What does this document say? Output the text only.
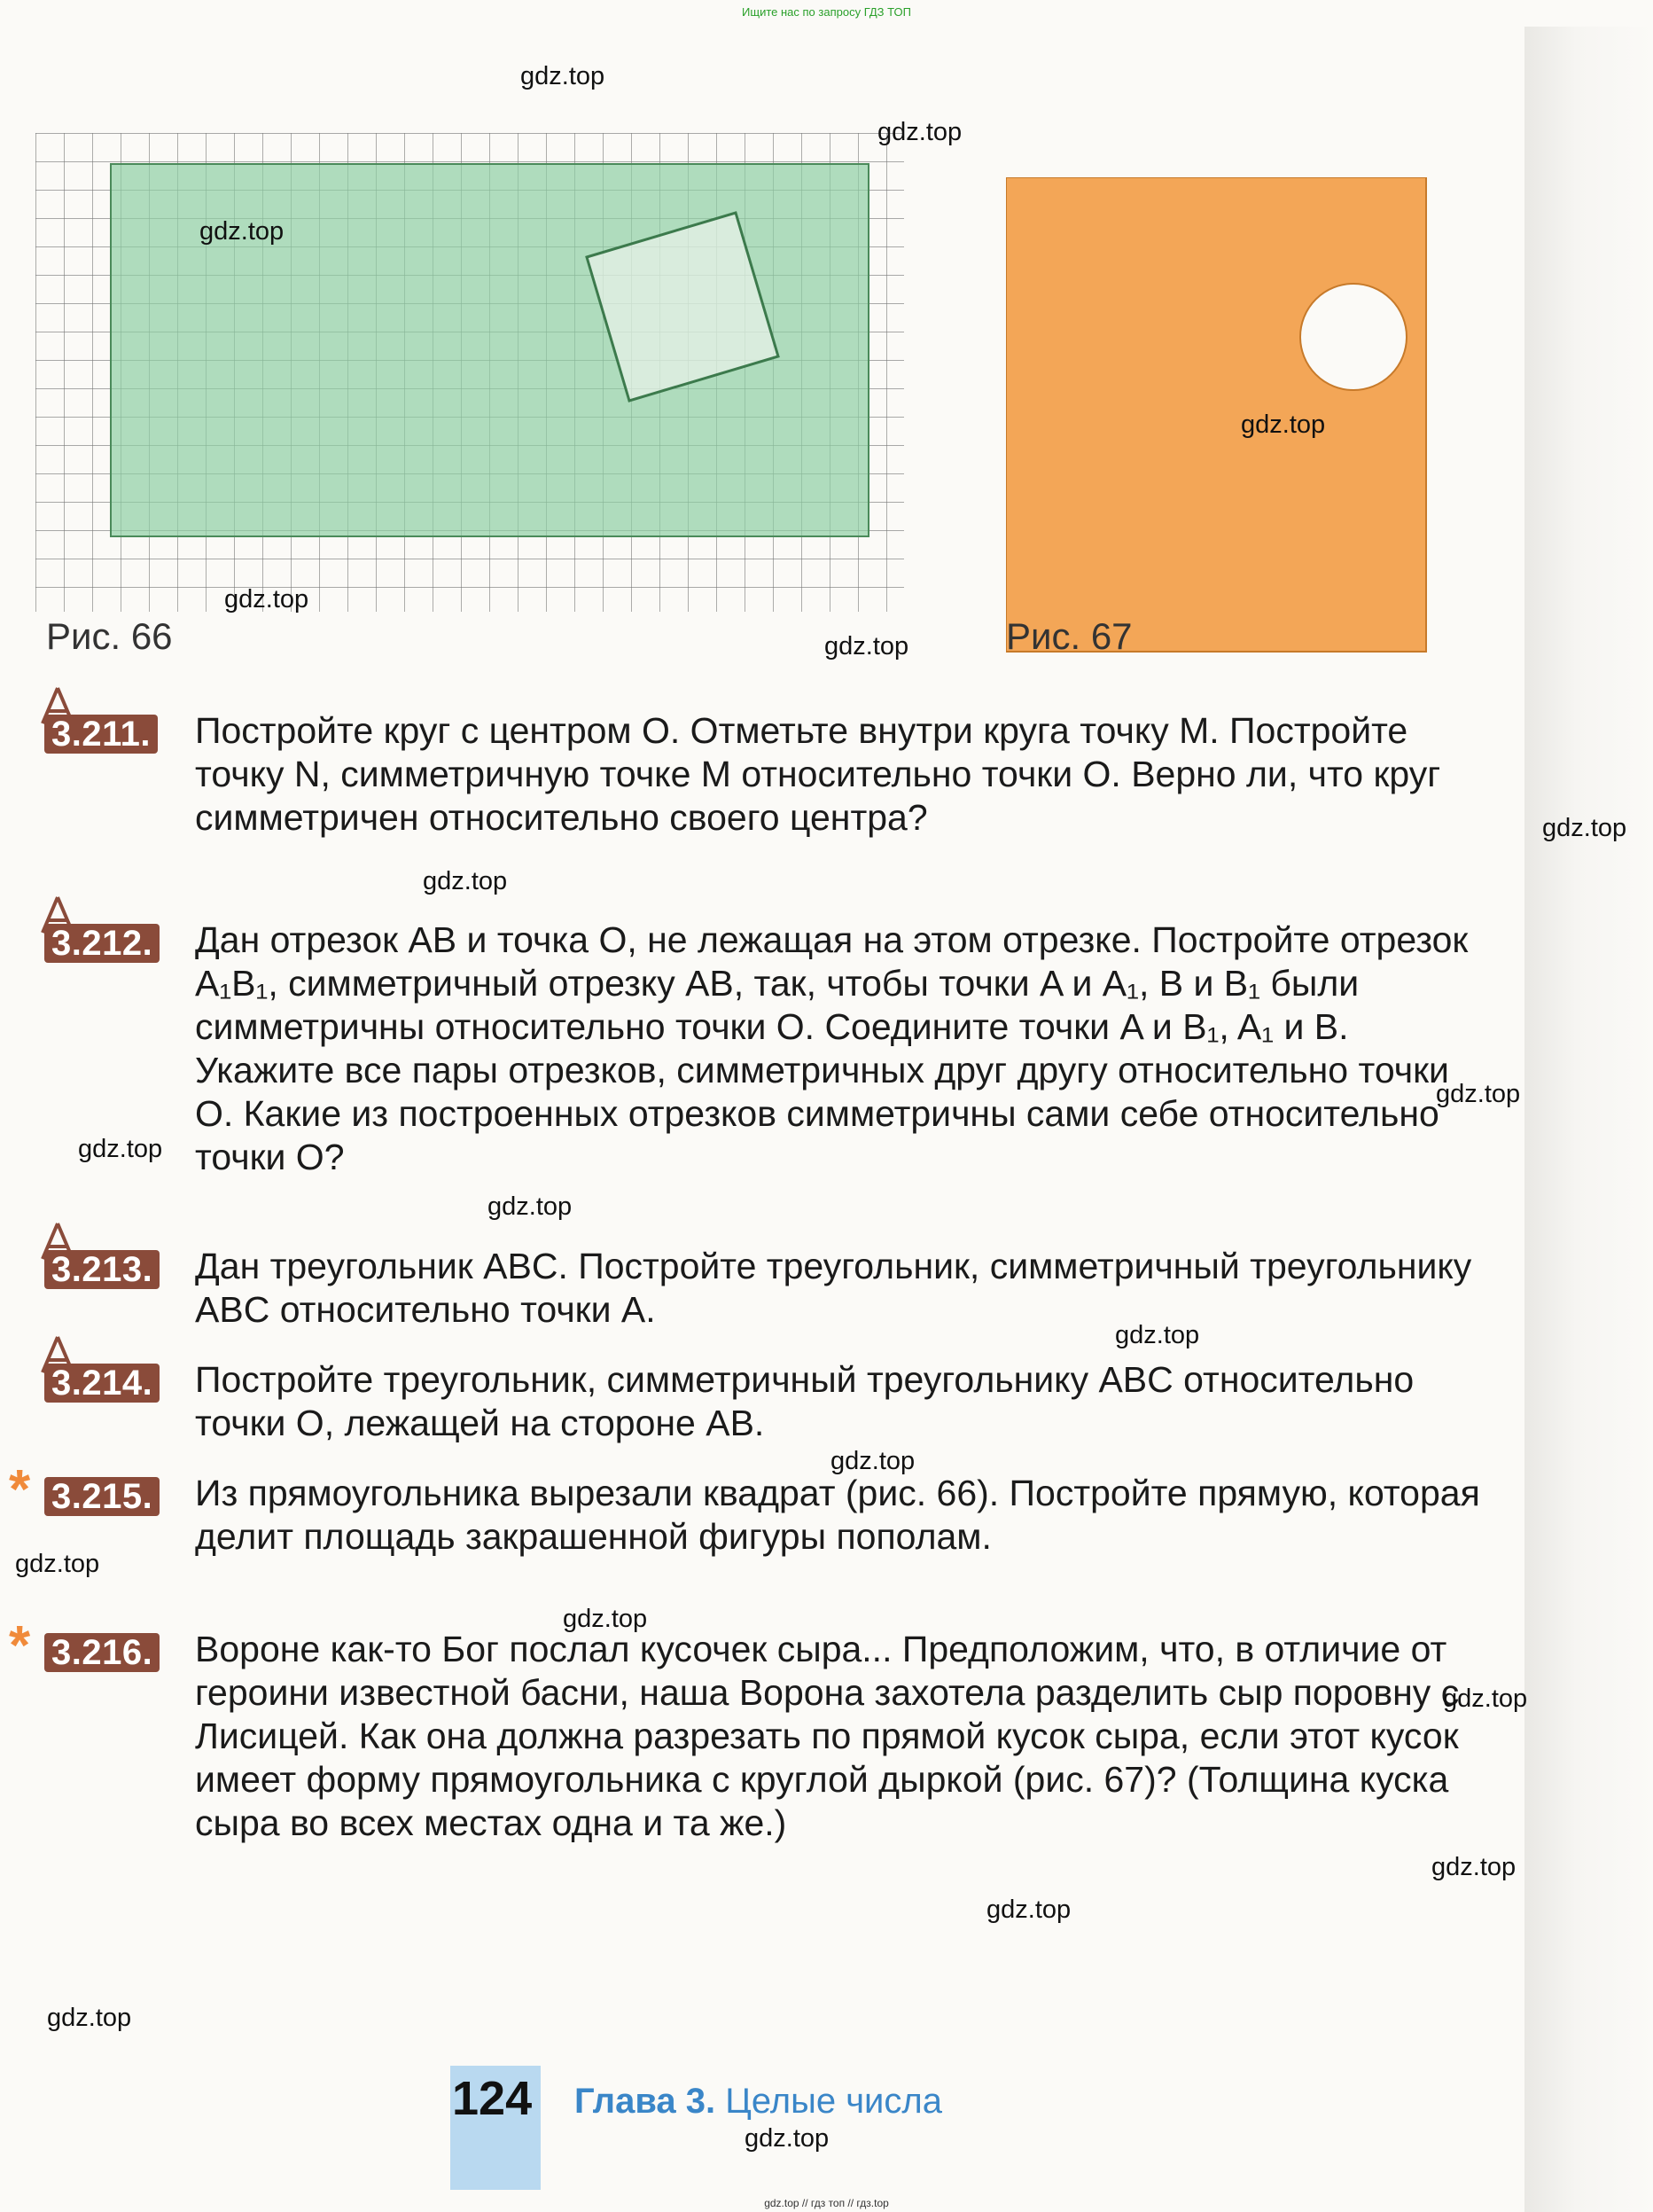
Ищите нас по запросу ГДЗ ТОП
Рис. 66	Рис. 67
3.211. Постройте круг с центром O. Отметьте внутри круга точку M. Постройте точку N, симметричную точке M относительно точки O. Верно ли, что круг симметричен относительно своего центра?
3.212. Дан отрезок AB и точка O, не лежащая на этом отрезке. Постройте отрезок A₁B₁, симметричный отрезку AB, так, чтобы точки A и A₁, B и B₁ были симметричны относительно точки O. Соедините точки A и B₁, A₁ и B. Укажите все пары отрезков, симметричных друг другу относительно точки O. Какие из построенных отрезков симметричны сами себе относительно точки O?
3.213. Дан треугольник ABC. Постройте треугольник, симметричный треугольнику ABC относительно точки A.
3.214. Постройте треугольник, симметричный треугольнику ABC относительно точки O, лежащей на стороне AB.
* 3.215. Из прямоугольника вырезали квадрат (рис. 66). Постройте прямую, которая делит площадь закрашенной фигуры пополам.
* 3.216. Вороне как-то Бог послал кусочек сыра... Предположим, что, в отличие от героини известной басни, наша Ворона захотела разделить сыр поровну с Лисицей. Как она должна разрезать по прямой кусок сыра, если этот кусок имеет форму прямоугольника с круглой дыркой (рис. 67)? (Толщина куска сыра во всех местах одна и та же.)
124 Глава 3. Целые числа
gdz.top // гдз топ // гдз.top
gdz.top
gdz.top
gdz.top
gdz.top
gdz.top
gdz.top
gdz.top
gdz.top
gdz.top
gdz.top
gdz.top
gdz.top
gdz.top
gdz.top
gdz.top
gdz.top
gdz.top
gdz.top
gdz.top
gdz.top
